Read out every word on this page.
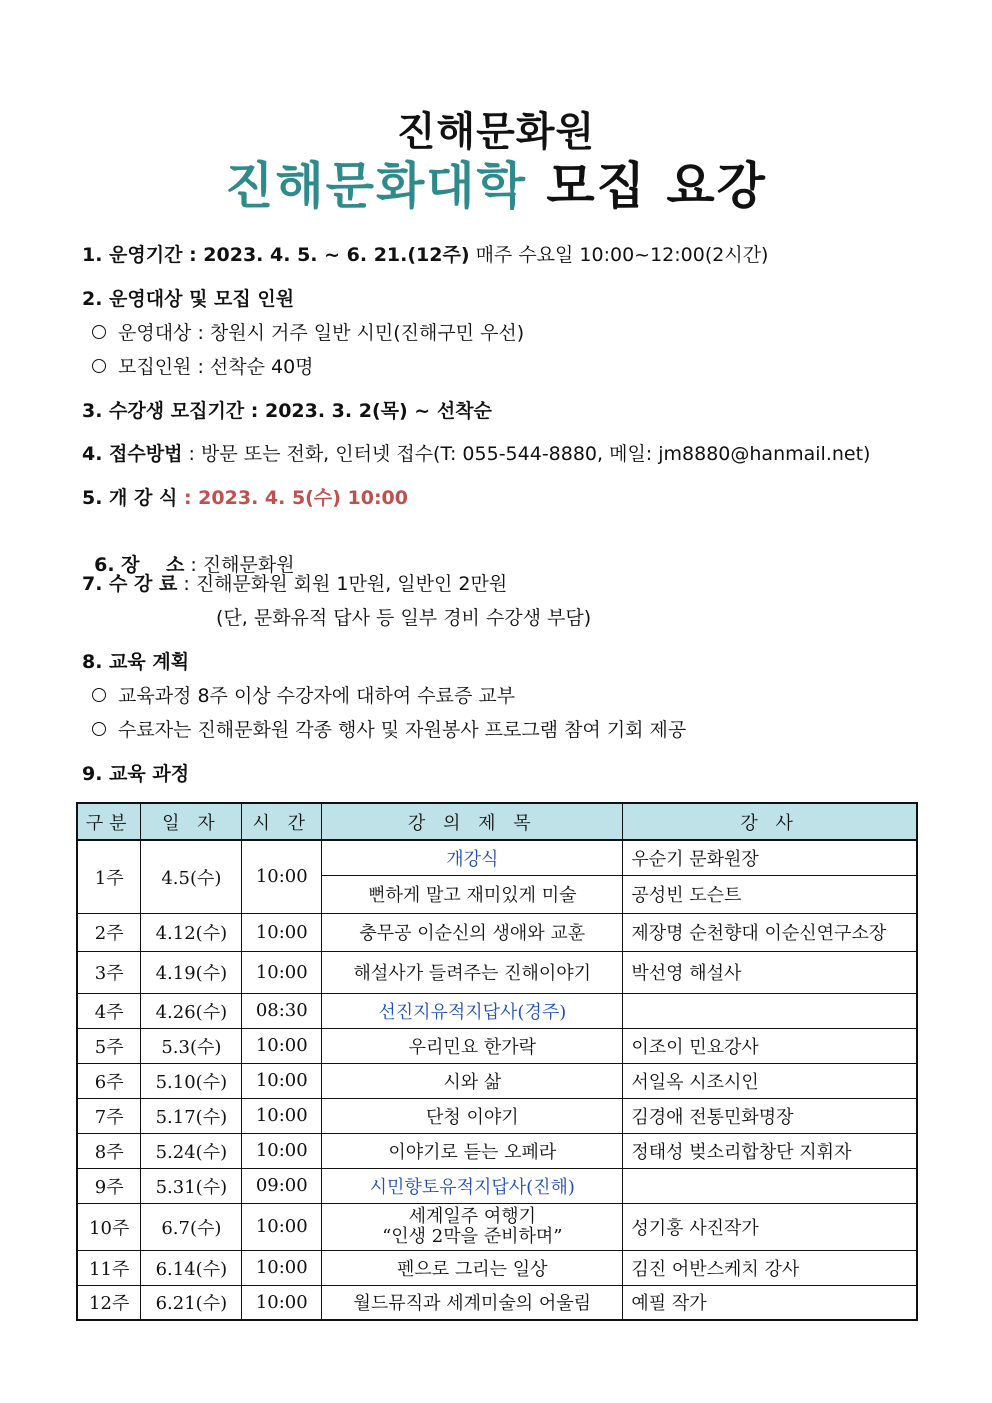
진해문화원
진해문화대학 모집 요강
1. 운영기간 : 2023. 4. 5. ~ 6. 21.(12주) 매주 수요일 10:00~12:00(2시간)
2. 운영대상 및 모집 인원
운영대상 : 창원시 거주 일반 시민(진해구민 우선)
모집인원 : 선착순 40명
3. 수강생 모집기간 : 2023. 3. 2(목) ~ 선착순
4. 접수방법 : 방문 또는 전화, 인터넷 접수(T: 055-544-8880, 메일: jm8880@hanmail.net)
5. 개 강 식 : 2023. 4. 5(수) 10:00

6. 장    소 : 진해문화원

7. 수 강 료 : 진해문화원 회원 1만원, 일반인 2만원
(단, 문화유적 답사 등 일부 경비 수강생 부담)
8. 교육 계획
교육과정 8주 이상 수강자에 대하여 수료증 교부
수료자는 진해문화원 각종 행사 및 자원봉사 프로그램 참여 기회 제공
9. 교육 과정
구분	일 자	시 간	강 의 제 목	강 사
1주	4.5(수)	10:00	개강식	우순기 문화원장
			뻔하게 말고 재미있게 미술	공성빈 도슨트
2주	4.12(수)	10:00	충무공 이순신의 생애와 교훈	제장명 순천향대 이순신연구소장
3주	4.19(수)	10:00	해설사가 들려주는 진해이야기	박선영 해설사
4주	4.26(수)	08:30	선진지유적지답사(경주)	
5주	5.3(수)	10:00	우리민요 한가락	이조이 민요강사
6주	5.10(수)	10:00	시와 삶	서일옥 시조시인
7주	5.17(수)	10:00	단청 이야기	김경애 전통민화명장
8주	5.24(수)	10:00	이야기로 듣는 오페라	정태성 벚소리합창단 지휘자
9주	5.31(수)	09:00	시민향토유적지답사(진해)	
10주	6.7(수)	10:00	세계일주 여행기
“인생 2막을 준비하며”	성기홍 사진작가
11주	6.14(수)	10:00	펜으로 그리는 일상	김진 어반스케치 강사
12주	6.21(수)	10:00	월드뮤직과 세계미술의 어울림	예필 작가
